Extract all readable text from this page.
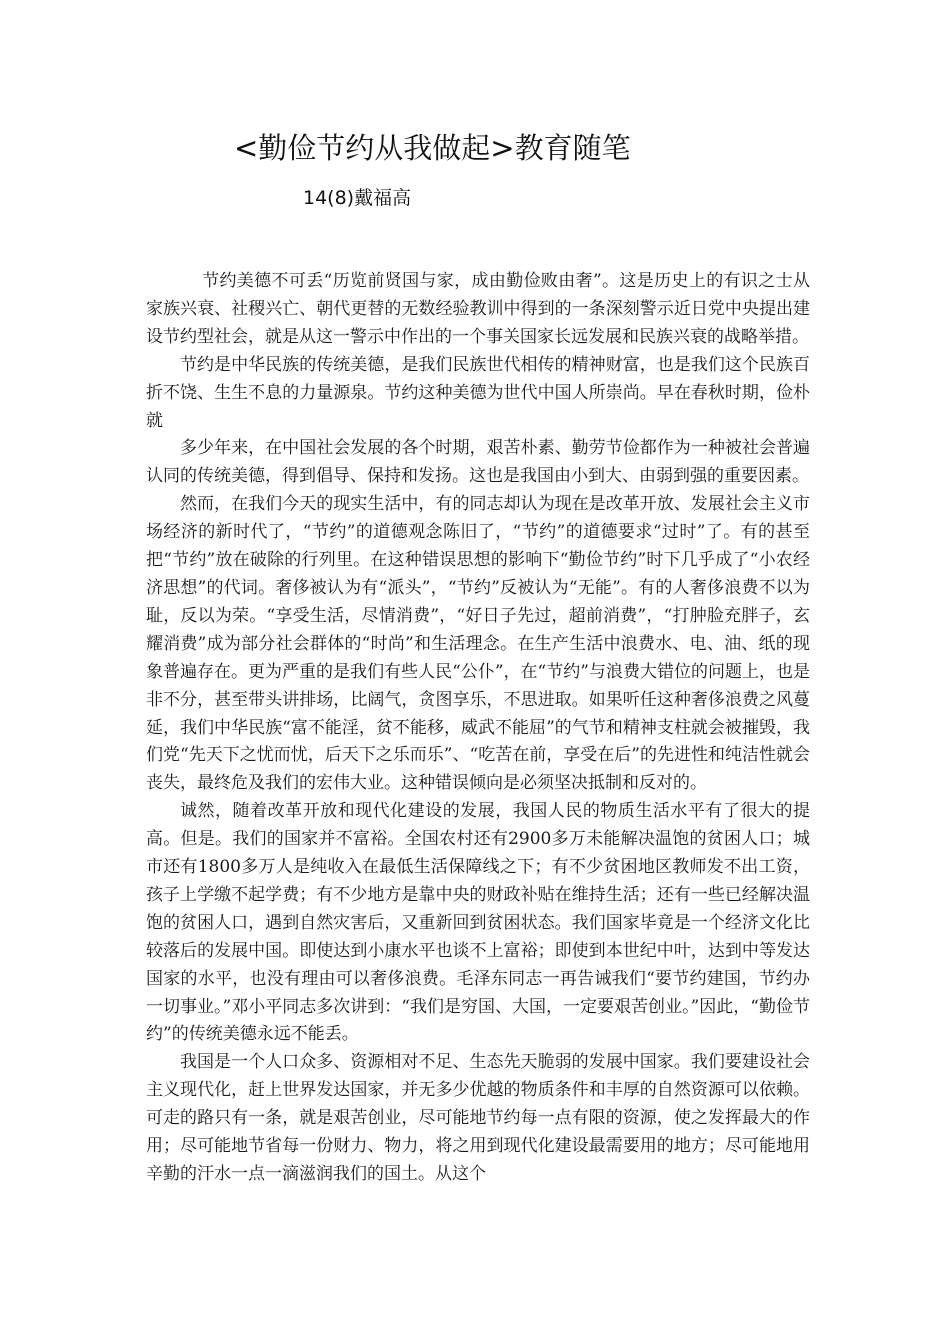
<勤俭节约从我做起>教育随笔
14(8)戴福高

节约美德不可丢“历览前贤国与家，成由勤俭败由奢”。这是历史上的有识之士从家族兴衰、社稷兴亡、朝代更替的无数经验教训中得到的一条深刻警示近日党中央提出建设节约型社会，就是从这一警示中作出的一个事关国家长远发展和民族兴衰的战略举措。

节约是中华民族的传统美德，是我们民族世代相传的精神财富，也是我们这个民族百折不饶、生生不息的力量源泉。节约这种美德为世代中国人所崇尚。早在春秋时期，俭朴就

多少年来，在中国社会发展的各个时期，艰苦朴素、勤劳节俭都作为一种被社会普遍认同的传统美德，得到倡导、保持和发扬。这也是我国由小到大、由弱到强的重要因素。

然而，在我们今天的现实生活中，有的同志却认为现在是改革开放、发展社会主义市场经济的新时代了，“节约”的道德观念陈旧了，“节约”的道德要求“过时”了。有的甚至把“节约”放在破除的行列里。在这种错误思想的影响下“勤俭节约”时下几乎成了“小农经济思想”的代词。奢侈被认为有“派头”，“节约”反被认为“无能”。有的人奢侈浪费不以为耻，反以为荣。“享受生活，尽情消费”，“好日子先过，超前消费”，“打肿脸充胖子，玄耀消费”成为部分社会群体的“时尚”和生活理念。在生产生活中浪费水、电、油、纸的现象普遍存在。更为严重的是我们有些人民“公仆”，在“节约”与浪费大错位的问题上，也是非不分，甚至带头讲排场，比阔气，贪图享乐，不思进取。如果听任这种奢侈浪费之风蔓延，我们中华民族“富不能淫，贫不能移，威武不能屈”的气节和精神支柱就会被摧毁，我们党“先天下之忧而忧，后天下之乐而乐”、“吃苦在前，享受在后”的先进性和纯洁性就会丧失，最终危及我们的宏伟大业。这种错误倾向是必须坚决抵制和反对的。

诚然，随着改革开放和现代化建设的发展，我国人民的物质生活水平有了很大的提高。但是。我们的国家并不富裕。全国农村还有2900多万未能解决温饱的贫困人口；城市还有1800多万人是纯收入在最低生活保障线之下；有不少贫困地区教师发不出工资，孩子上学缴不起学费；有不少地方是靠中央的财政补贴在维持生活；还有一些已经解决温饱的贫困人口，遇到自然灾害后，又重新回到贫困状态。我们国家毕竟是一个经济文化比较落后的发展中国。即使达到小康水平也谈不上富裕；即使到本世纪中叶，达到中等发达国家的水平，也没有理由可以奢侈浪费。毛泽东同志一再告诫我们“要节约建国，节约办一切事业。”邓小平同志多次讲到：“我们是穷国、大国，一定要艰苦创业。”因此，“勤俭节约”的传统美德永远不能丢。

我国是一个人口众多、资源相对不足、生态先天脆弱的发展中国家。我们要建设社会主义现代化，赶上世界发达国家，并无多少优越的物质条件和丰厚的自然资源可以依赖。可走的路只有一条，就是艰苦创业，尽可能地节约每一点有限的资源，使之发挥最大的作用；尽可能地节省每一份财力、物力，将之用到现代化建设最需要用的地方；尽可能地用辛勤的汗水一点一滴滋润我们的国土。从这个
